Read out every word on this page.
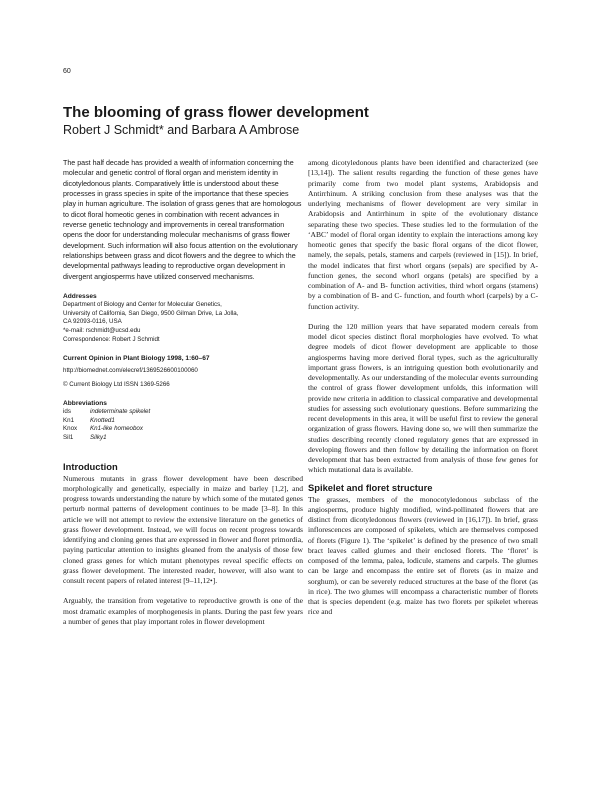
60
The blooming of grass flower development
Robert J Schmidt* and Barbara A Ambrose

The past half decade has provided a wealth of information concerning the molecular and genetic control of floral organ and meristem identity in dicotyledonous plants. Comparatively little is understood about these processes in grass species in spite of the importance that these species play in human agriculture. The isolation of grass genes that are homologous to dicot floral homeotic genes in combination with recent advances in reverse genetic technology and improvements in cereal transformation opens the door for understanding molecular mechanisms of grass flower development. Such information will also focus attention on the evolutionary relationships between grass and dicot flowers and the degree to which the developmental pathways leading to reproductive organ development in divergent angiosperms have utilized conserved mechanisms.

Addresses

Department of Biology and Center for Molecular Genetics,

University of California, San Diego, 9500 Gilman Drive, La Jolla,

CA 92093-0116, USA

*e-mail: rschmidt@ucsd.edu

Correspondence: Robert J Schmidt

Current Opinion in Plant Biology 1998, 1:60–67

http://biomednet.com/elecref/1369526600100060

© Current Biology Ltd ISSN 1369-5266

Abbreviations

ids	indeterminate spikelet
Kn1	Knotted1
Knox	Kn1-like homeobox
Sil1	Silky1
Introduction

Numerous mutants in grass flower development have been described morphologically and genetically, especially in maize and barley [1,2], and progress towards understanding the nature by which some of the mutated genes perturb normal patterns of development continues to be made [3–8]. In this article we will not attempt to review the extensive literature on the genetics of grass flower development. Instead, we will focus on recent progress towards identifying and cloning genes that are expressed in flower and floret primordia, paying particular attention to insights gleaned from the analysis of those few cloned grass genes for which mutant phenotypes reveal specific effects on grass flower development. The interested reader, however, will also want to consult recent papers of related interest [9–11,12•].

Arguably, the transition from vegetative to reproductive growth is one of the most dramatic examples of morphogenesis in plants. During the past few years a number of genes that play important roles in flower development

among dicotyledonous plants have been identified and characterized (see [13,14]). The salient results regarding the function of these genes have primarily come from two model plant systems, Arabidopsis and Antirrhinum. A striking conclusion from these analyses was that the underlying mechanisms of flower development are very similar in Arabidopsis and Antirrhinum in spite of the evolutionary distance separating these two species. These studies led to the formulation of the ‘ABC’ model of floral organ identity to explain the interactions among key homeotic genes that specify the basic floral organs of the dicot flower, namely, the sepals, petals, stamens and carpels (reviewed in [15]). In brief, the model indicates that first whorl organs (sepals) are specified by A-function genes, the second whorl organs (petals) are specified by a combination of A- and B- function activities, third whorl organs (stamens) by a combination of B- and C- function, and fourth whorl (carpels) by a C- function activity.

During the 120 million years that have separated modern cereals from model dicot species distinct floral morphologies have evolved. To what degree models of dicot flower development are applicable to those angiosperms having more derived floral types, such as the agriculturally important grass flowers, is an intriguing question both evolutionarily and developmentally. As our understanding of the molecular events surrounding the control of grass flower development unfolds, this information will provide new criteria in addition to classical comparative and developmental studies for assessing such evolutionary questions. Before summarizing the recent developments in this area, it will be useful first to review the general organization of grass flowers. Having done so, we will then summarize the studies describing recently cloned regulatory genes that are expressed in developing flowers and then follow by detailing the information on floret development that has been extracted from analysis of those few genes for which mutational data is available.

Spikelet and floret structure

The grasses, members of the monocotyledonous subclass of the angiosperms, produce highly modified, wind-pollinated flowers that are distinct from dicotyledonous flowers (reviewed in [16,17]). In brief, grass inflorescences are composed of spikelets, which are themselves composed of florets (Figure 1). The ‘spikelet’ is defined by the presence of two small bract leaves called glumes and their enclosed florets. The ‘floret’ is composed of the lemma, palea, lodicule, stamens and carpels. The glumes can be large and encompass the entire set of florets (as in maize and sorghum), or can be severely reduced structures at the base of the floret (as in rice). The two glumes will encompass a characteristic number of florets that is species dependent (e.g. maize has two florets per spikelet whereas rice and
